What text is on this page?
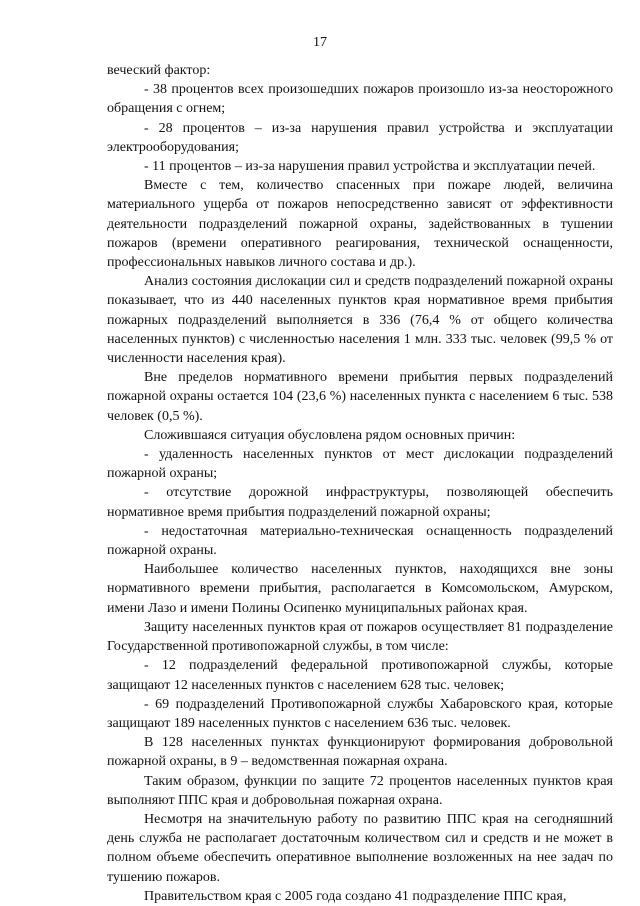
17

веческий фактор:

- 38 процентов всех произошедших пожаров произошло из-за неосторожного обращения с огнем;

- 28 процентов – из-за нарушения правил устройства и эксплуатации электрооборудования;

- 11 процентов – из-за нарушения правил устройства и эксплуатации печей.

Вместе с тем, количество спасенных при пожаре людей, величина материального ущерба от пожаров непосредственно зависят от эффективности деятельности подразделений пожарной охраны, задействованных в тушении пожаров (времени оперативного реагирования, технической оснащенности, профессиональных навыков личного состава и др.).

Анализ состояния дислокации сил и средств подразделений пожарной охраны показывает, что из 440 населенных пунктов края нормативное время прибытия пожарных подразделений выполняется в 336 (76,4 % от общего количества населенных пунктов) с численностью населения 1 млн. 333 тыс. человек (99,5 % от численности населения края).

Вне пределов нормативного времени прибытия первых подразделений пожарной охраны остается 104 (23,6 %) населенных пункта с населением 6 тыс. 538 человек (0,5 %).

Сложившаяся ситуация обусловлена рядом основных причин:

- удаленность населенных пунктов от мест дислокации подразделений пожарной охраны;

- отсутствие дорожной инфраструктуры, позволяющей обеспечить нормативное время прибытия подразделений пожарной охраны;

- недостаточная материально-техническая оснащенность подразделений пожарной охраны.

Наибольшее количество населенных пунктов, находящихся вне зоны нормативного времени прибытия, располагается в Комсомольском, Амурском, имени Лазо и имени Полины Осипенко муниципальных районах края.

Защиту населенных пунктов края от пожаров осуществляет 81 подразделение Государственной противопожарной службы, в том числе:

- 12 подразделений федеральной противопожарной службы, которые защищают 12 населенных пунктов с населением 628 тыс. человек;

- 69 подразделений Противопожарной службы Хабаровского края, которые защищают 189 населенных пунктов с населением 636 тыс. человек.

В 128 населенных пунктах функционируют формирования добровольной пожарной охраны, в 9 – ведомственная пожарная охрана.

Таким образом, функции по защите 72 процентов населенных пунктов края выполняют ППС края и добровольная пожарная охрана.

Несмотря на значительную работу по развитию ППС края на сегодняшний день служба не располагает достаточным количеством сил и средств и не может в полном объеме обеспечить оперативное выполнение возложенных на нее задач по тушению пожаров.

Правительством края с 2005 года создано 41 подразделение ППС края,
